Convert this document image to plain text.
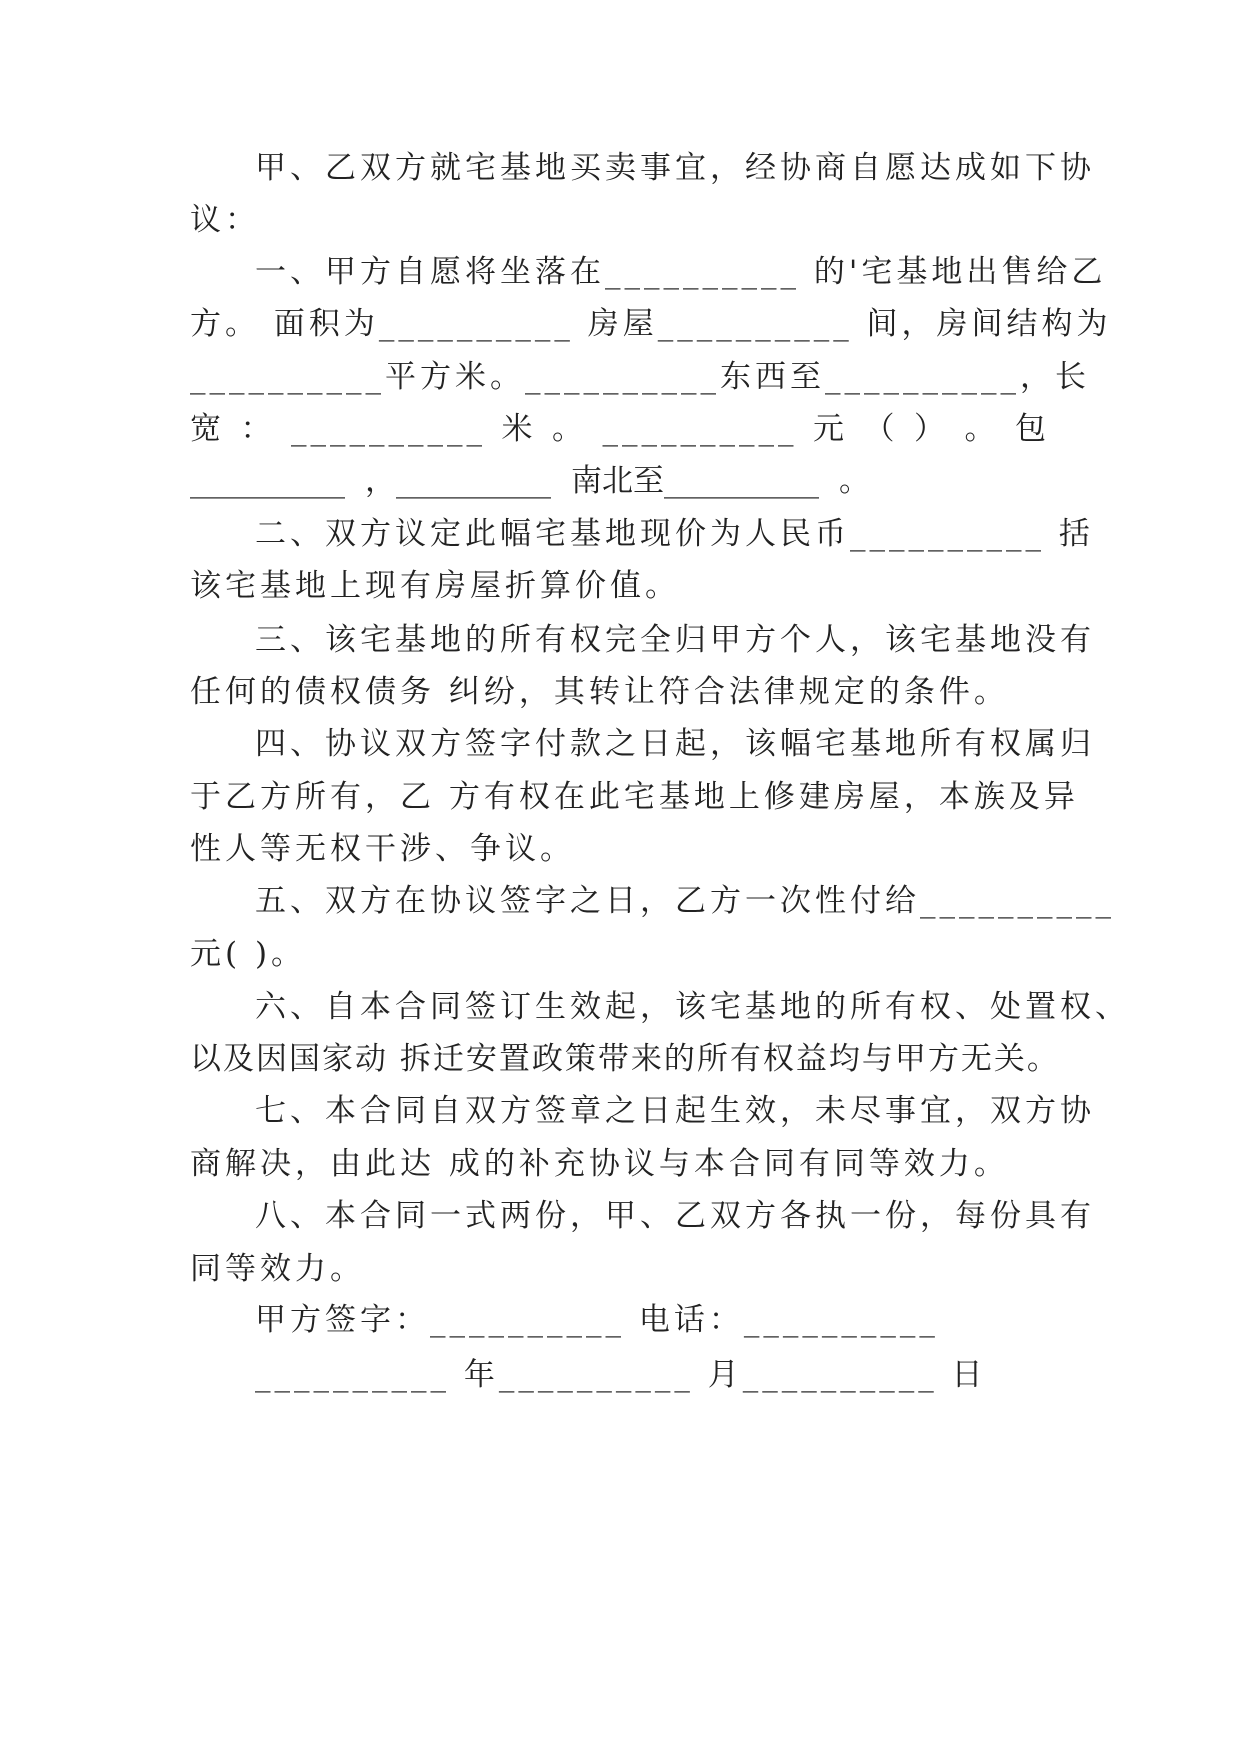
甲、乙双方就宅基地买卖事宜，经协商自愿达成如下协
议：
一、甲方自愿将坐落在__________ 的'宅基地出售给乙
方。 面积为__________ 房屋__________ 间，房间结构为
__________ 平方米。__________ 东西至__________ ，长
宽 ： __________ 米 。 __________ 元 （ ） 。 包
__________ ，__________ 南北至__________ 。
二、双方议定此幅宅基地现价为人民币__________ 括
该宅基地上现有房屋折算价值。
三、该宅基地的所有权完全归甲方个人，该宅基地没有
任何的债权债务 纠纷，其转让符合法律规定的条件。
四、协议双方签字付款之日起，该幅宅基地所有权属归
于乙方所有，乙 方有权在此宅基地上修建房屋，本族及异
性人等无权干涉、争议。
五、双方在协议签字之日，乙方一次性付给__________
元( )。
六、自本合同签订生效起，该宅基地的所有权、处置权、
以及因国家动 拆迁安置政策带来的所有权益均与甲方无关。
七、本合同自双方签章之日起生效，未尽事宜，双方协
商解决，由此达 成的补充协议与本合同有同等效力。
八、本合同一式两份，甲、乙双方各执一份，每份具有
同等效力。
甲方签字：__________ 电话：__________
__________ 年__________ 月__________ 日
